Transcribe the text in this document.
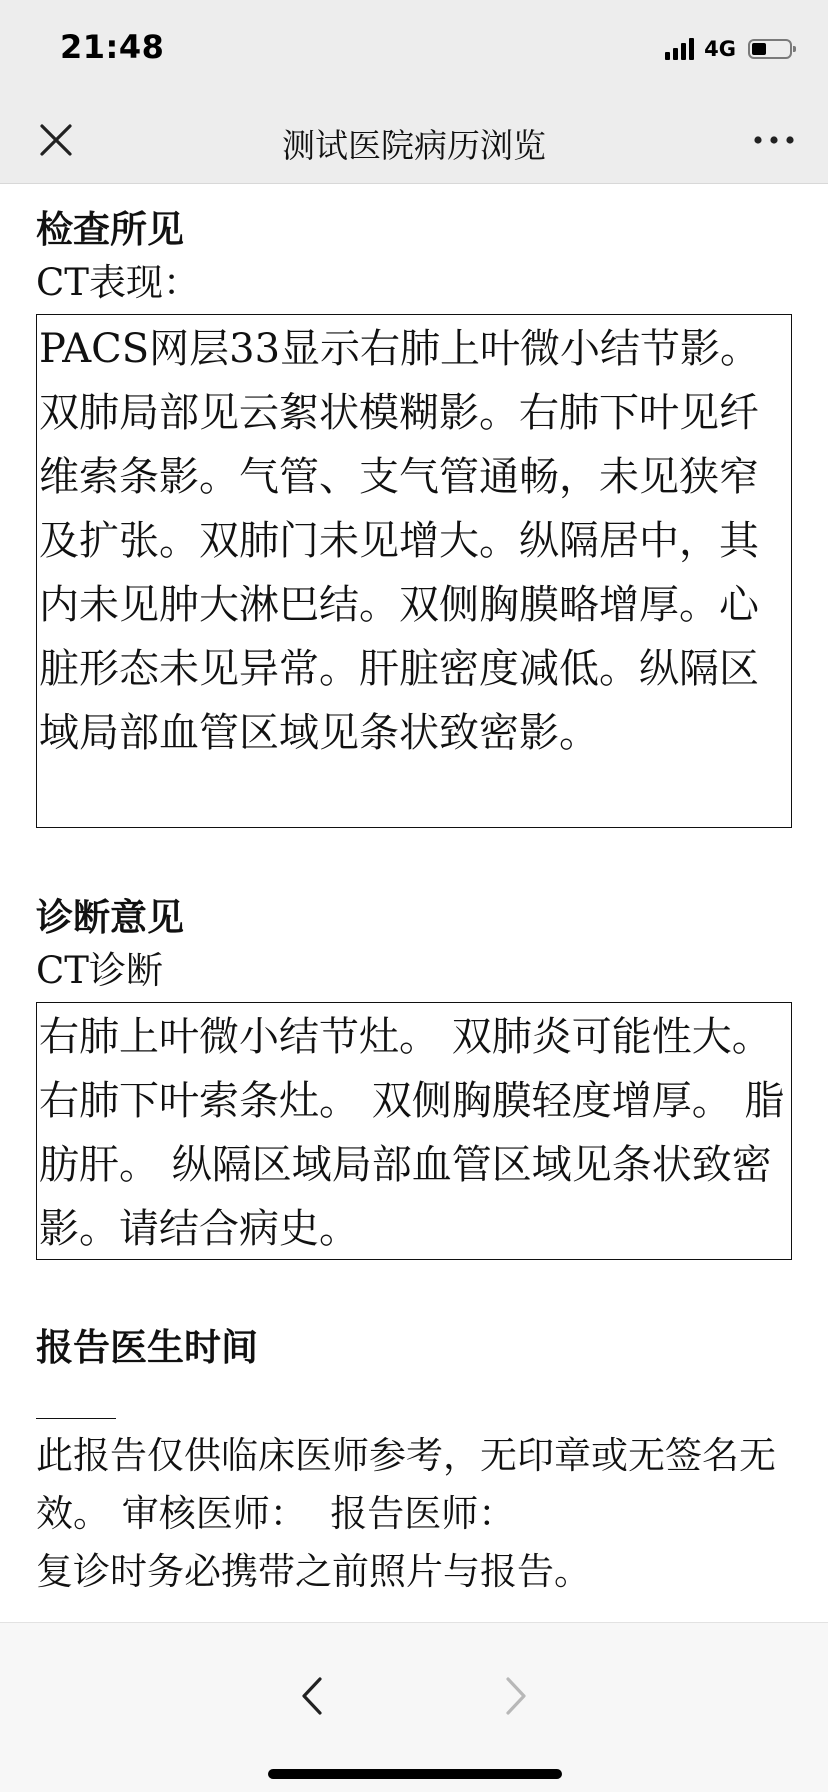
21:48	4G
测试医院病历浏览
检查所见
CT表现：
PACS网层33显示右肺上叶微小结节影。双肺局部见云絮状模糊影。右肺下叶见纤维索条影。气管、支气管通畅，未见狭窄及扩张。双肺门未见增大。纵隔居中，其内未见肿大淋巴结。双侧胸膜略增厚。心脏形态未见异常。肝脏密度减低。纵隔区域局部血管区域见条状致密影。
诊断意见
CT诊断
右肺上叶微小结节灶。 双肺炎可能性大。 右肺下叶索条灶。 双侧胸膜轻度增厚。 脂肪肝。 纵隔区域局部血管区域见条状致密影。请结合病史。
报告医生时间
此报告仅供临床医师参考，无印章或无签名无效。 审核医师：  报告医师：
复诊时务必携带之前照片与报告。
